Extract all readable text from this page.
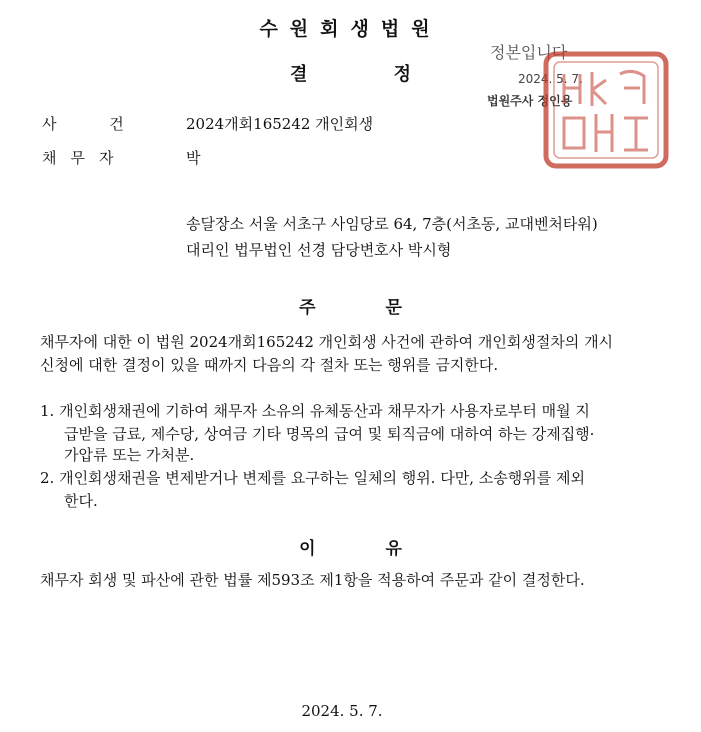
수원회생법원
결 정
정본입니다
2024. 5. 7.
법원주사 정인용
사 건	2024개회165242 개인회생
채무자	박
송달장소 서울 서초구 사임당로 64, 7층(서초동, 교대벤처타워)
대리인 법무법인 선경 담당변호사 박시형
주 문
채무자에 대한 이 법원 2024개회165242 개인회생 사건에 관하여 개인회생절차의 개시
신청에 대한 결정이 있을 때까지 다음의 각 절차 또는 행위를 금지한다.
1. 개인회생채권에 기하여 채무자 소유의 유체동산과 채무자가 사용자로부터 매월 지
급받을 급료, 제수당, 상여금 기타 명목의 급여 및 퇴직금에 대하여 하는 강제집행·
가압류 또는 가처분.
2. 개인회생채권을 변제받거나 변제를 요구하는 일체의 행위. 다만, 소송행위를 제외
한다.
이 유
채무자 회생 및 파산에 관한 법률 제593조 제1항을 적용하여 주문과 같이 결정한다.
2024. 5. 7.
